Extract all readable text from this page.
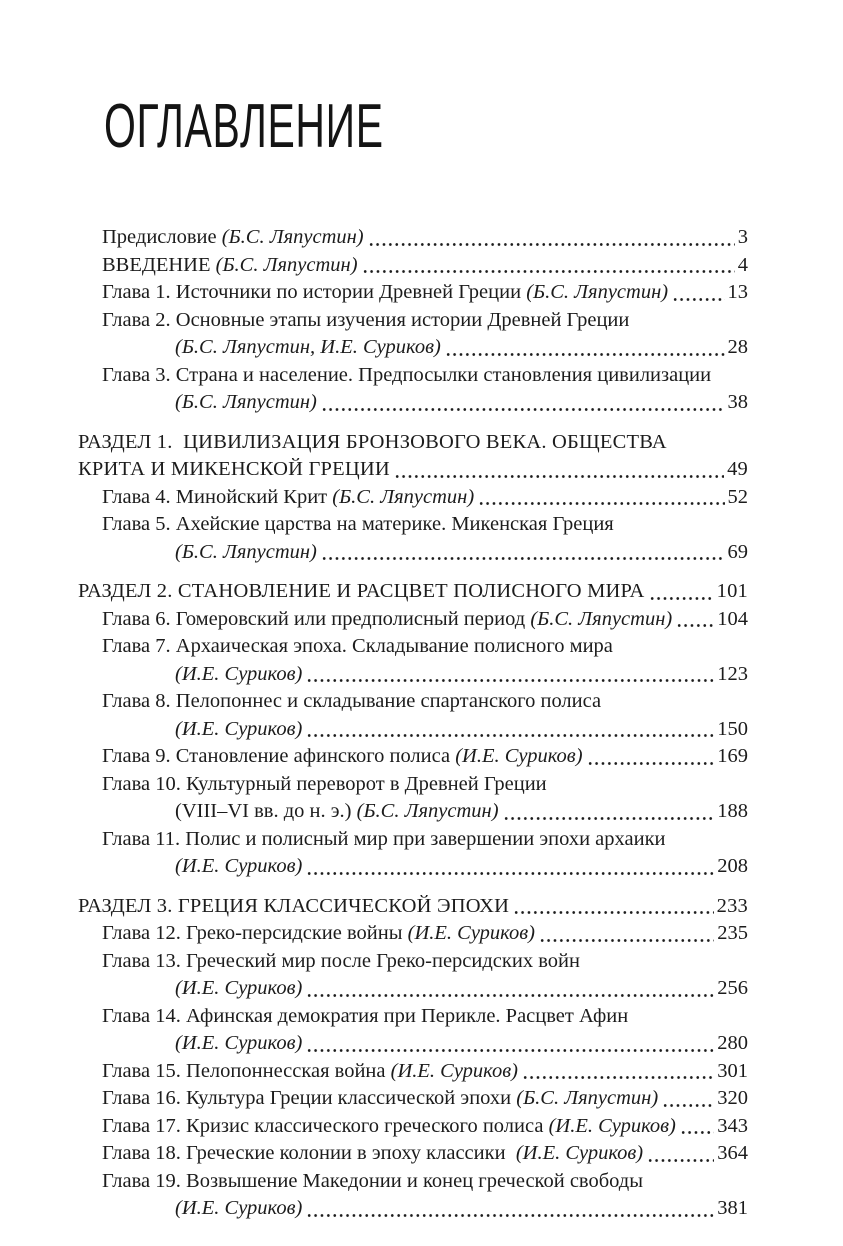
ОГЛАВЛЕНИЕ
Предисловие (Б.С. Ляпустин)	3
ВВЕДЕНИЕ (Б.С. Ляпустин)	4
Глава 1. Источники по истории Древней Греции (Б.С. Ляпустин)	13
Глава 2. Основные этапы изучения истории Древней Греции
(Б.С. Ляпустин, И.Е. Суриков)	28
Глава 3. Страна и население. Предпосылки становления цивилизации
(Б.С. Ляпустин)	38
РАЗДЕЛ 1.  ЦИВИЛИЗАЦИЯ БРОНЗОВОГО ВЕКА. ОБЩЕСТВА
КРИТА И МИКЕНСКОЙ ГРЕЦИИ	49
Глава 4. Минойский Крит (Б.С. Ляпустин)	52
Глава 5. Ахейские царства на материке. Микенская Греция
(Б.С. Ляпустин)	69
РАЗДЕЛ 2. СТАНОВЛЕНИЕ И РАСЦВЕТ ПОЛИСНОГО МИРА	101
Глава 6. Гомеровский или предполисный период (Б.С. Ляпустин) 104
Глава 7. Архаическая эпоха. Складывание полисного мира
(И.Е. Суриков)	123
Глава 8. Пелопоннес и складывание спартанского полиса
(И.Е. Суриков)	150
Глава 9. Становление афинского полиса (И.Е. Суриков)	169
Глава 10. Культурный переворот в Древней Греции
(VIII–VI вв. до н. э.) (Б.С. Ляпустин)	188
Глава 11. Полис и полисный мир при завершении эпохи архаики
(И.Е. Суриков)	208
РАЗДЕЛ 3. ГРЕЦИЯ КЛАССИЧЕСКОЙ ЭПОХИ	233
Глава 12. Греко-персидские войны (И.Е. Суриков)	235
Глава 13. Греческий мир после Греко-персидских войн
(И.Е. Суриков)	256
Глава 14. Афинская демократия при Перикле. Расцвет Афин
(И.Е. Суриков)	280
Глава 15. Пелопоннесская война (И.Е. Суриков)	301
Глава 16. Культура Греции классической эпохи (Б.С. Ляпустин)	320
Глава 17. Кризис классического греческого полиса (И.Е. Суриков) 343
Глава 18. Греческие колонии в эпоху классики  (И.Е. Суриков)	364
Глава 19. Возвышение Македонии и конец греческой свободы
(И.Е. Суриков)	381
